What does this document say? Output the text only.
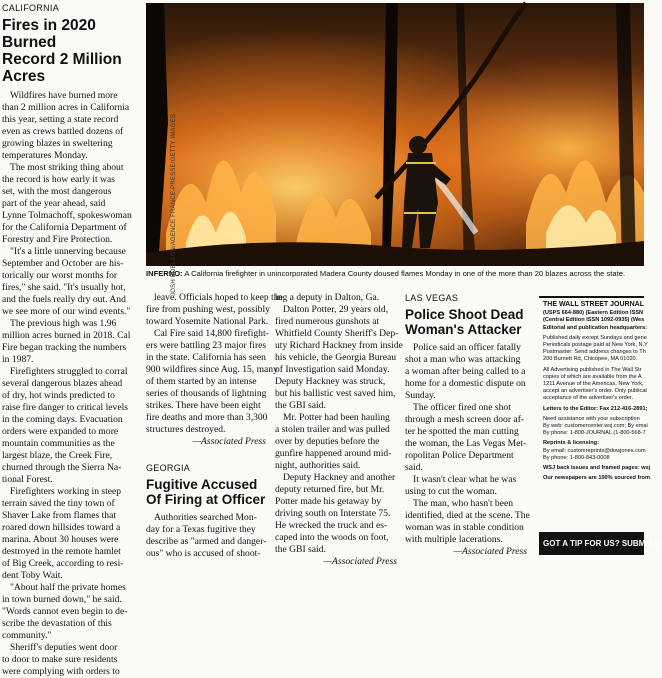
CALIFORNIA
Fires in 2020 Burned
Record 2 Million Acres
Wildfires have burned more
than 2 million acres in California
this year, setting a state record
even as crews battled dozens of
growing blazes in sweltering
temperatures Monday.
The most striking thing about
the record is how early it was
set, with the most dangerous
part of the year ahead, said
Lynne Tolmachoff, spokeswoman
for the California Department of
Forestry and Fire Protection.
"It's a little unnerving because
September and October are his-
torically our worst months for
fires," she said. "It's usually hot,
and the fuels really dry out. And
we see more of our wind events."
The previous high was 1.96
million acres burned in 2018. Cal
Fire began tracking the numbers
in 1987.
Firefighters struggled to corral
several dangerous blazes ahead
of dry, hot winds predicted to
raise fire danger to critical levels
in the coming days. Evacuation
orders were expanded to more
mountain communities as the
largest blaze, the Creek Fire,
churned through the Sierra Na-
tional Forest.
Firefighters working in steep
terrain saved the tiny town of
Shaver Lake from flames that
roared down hillsides toward a
marina. About 30 houses were
destroyed in the remote hamlet
of Big Creek, according to resi-
dent Toby Wait.
"About half the private homes
in town burned down," he said.
"Words cannot even begin to de-
scribe the devastation of this
community."
Sheriff's deputies went door
to door to make sure residents
were complying with orders to
JOSH EDELSON/AGENCE FRANCE-PRESSE/GETTY IMAGES
INFERNO: A California firefighter in unincorporated Madera County doused flames Monday in one of the more than 20 blazes across the state.
leave. Officials hoped to keep the
fire from pushing west, possibly
toward Yosemite National Park.
Cal Fire said 14,800 firefight-
ers were battling 23 major fires
in the state. California has seen
900 wildfires since Aug. 15, many
of them started by an intense
series of thousands of lightning
strikes. There have been eight
fire deaths and more than 3,300
structures destroyed.
—Associated Press
GEORGIA
Fugitive Accused
Of Firing at Officer
Authorities searched Mon-
day for a Texas fugitive they
describe as "armed and danger-
ous" who is accused of shoot-
ing a deputy in Dalton, Ga.
Dalton Potter, 29 years old,
fired numerous gunshots at
Whitfield County Sheriff's Dep-
uty Richard Hackney from inside
his vehicle, the Georgia Bureau
of Investigation said Monday.
Deputy Hackney was struck,
but his ballistic vest saved him,
the GBI said.
Mr. Potter had been hauling
a stolen trailer and was pulled
over by deputies before the
gunfire happened around mid-
night, authorities said.
Deputy Hackney and another
deputy returned fire, but Mr.
Potter made his getaway by
driving south on Interstate 75.
He wrecked the truck and es-
caped into the woods on foot,
the GBI said.
—Associated Press
LAS VEGAS
Police Shoot Dead
Woman's Attacker
Police said an officer fatally
shot a man who was attacking
a woman after being called to a
home for a domestic dispute on
Sunday.
The officer fired one shot
through a mesh screen door af-
ter he spotted the man cutting
the woman, the Las Vegas Met-
ropolitan Police Department
said.
It wasn't clear what he was
using to cut the woman.
The man, who hasn't been
identified, died at the scene. The
woman was in stable condition
with multiple lacerations.
—Associated Press
THE WALL STREET JOURNAL
(USPS 664-880) (Eastern Edition ISSN
(Central Edition ISSN 1092-0935) (Wes
Editorial and publication headquarters:

Published daily except Sundays and gene
Periodicals postage paid at New York, N.Y
Postmaster: Send address changes to Th
200 Burnett Rd, Chicopee, MA 01020.

All Advertising published in The Wall Str
copies of which are available from the A
1211 Avenue of the Americas, New York,
accept an advertiser's order. Only publicat
acceptance of the advertiser's order.

Letters to the Editor: Fax 212-416-2891;

Need assistance with your subscription
By web: customercenter.wsj.com; By emai
By phone: 1-800-JOURNAL (1-800-568-7

Reprints & licensing:
By email: customreprints@dowjones.com
By phone: 1-800-843-0008

WSJ back issues and framed pages: wsj

Our newspapers are 100% sourced from
GOT A TIP FOR US? SUBMIT IT
